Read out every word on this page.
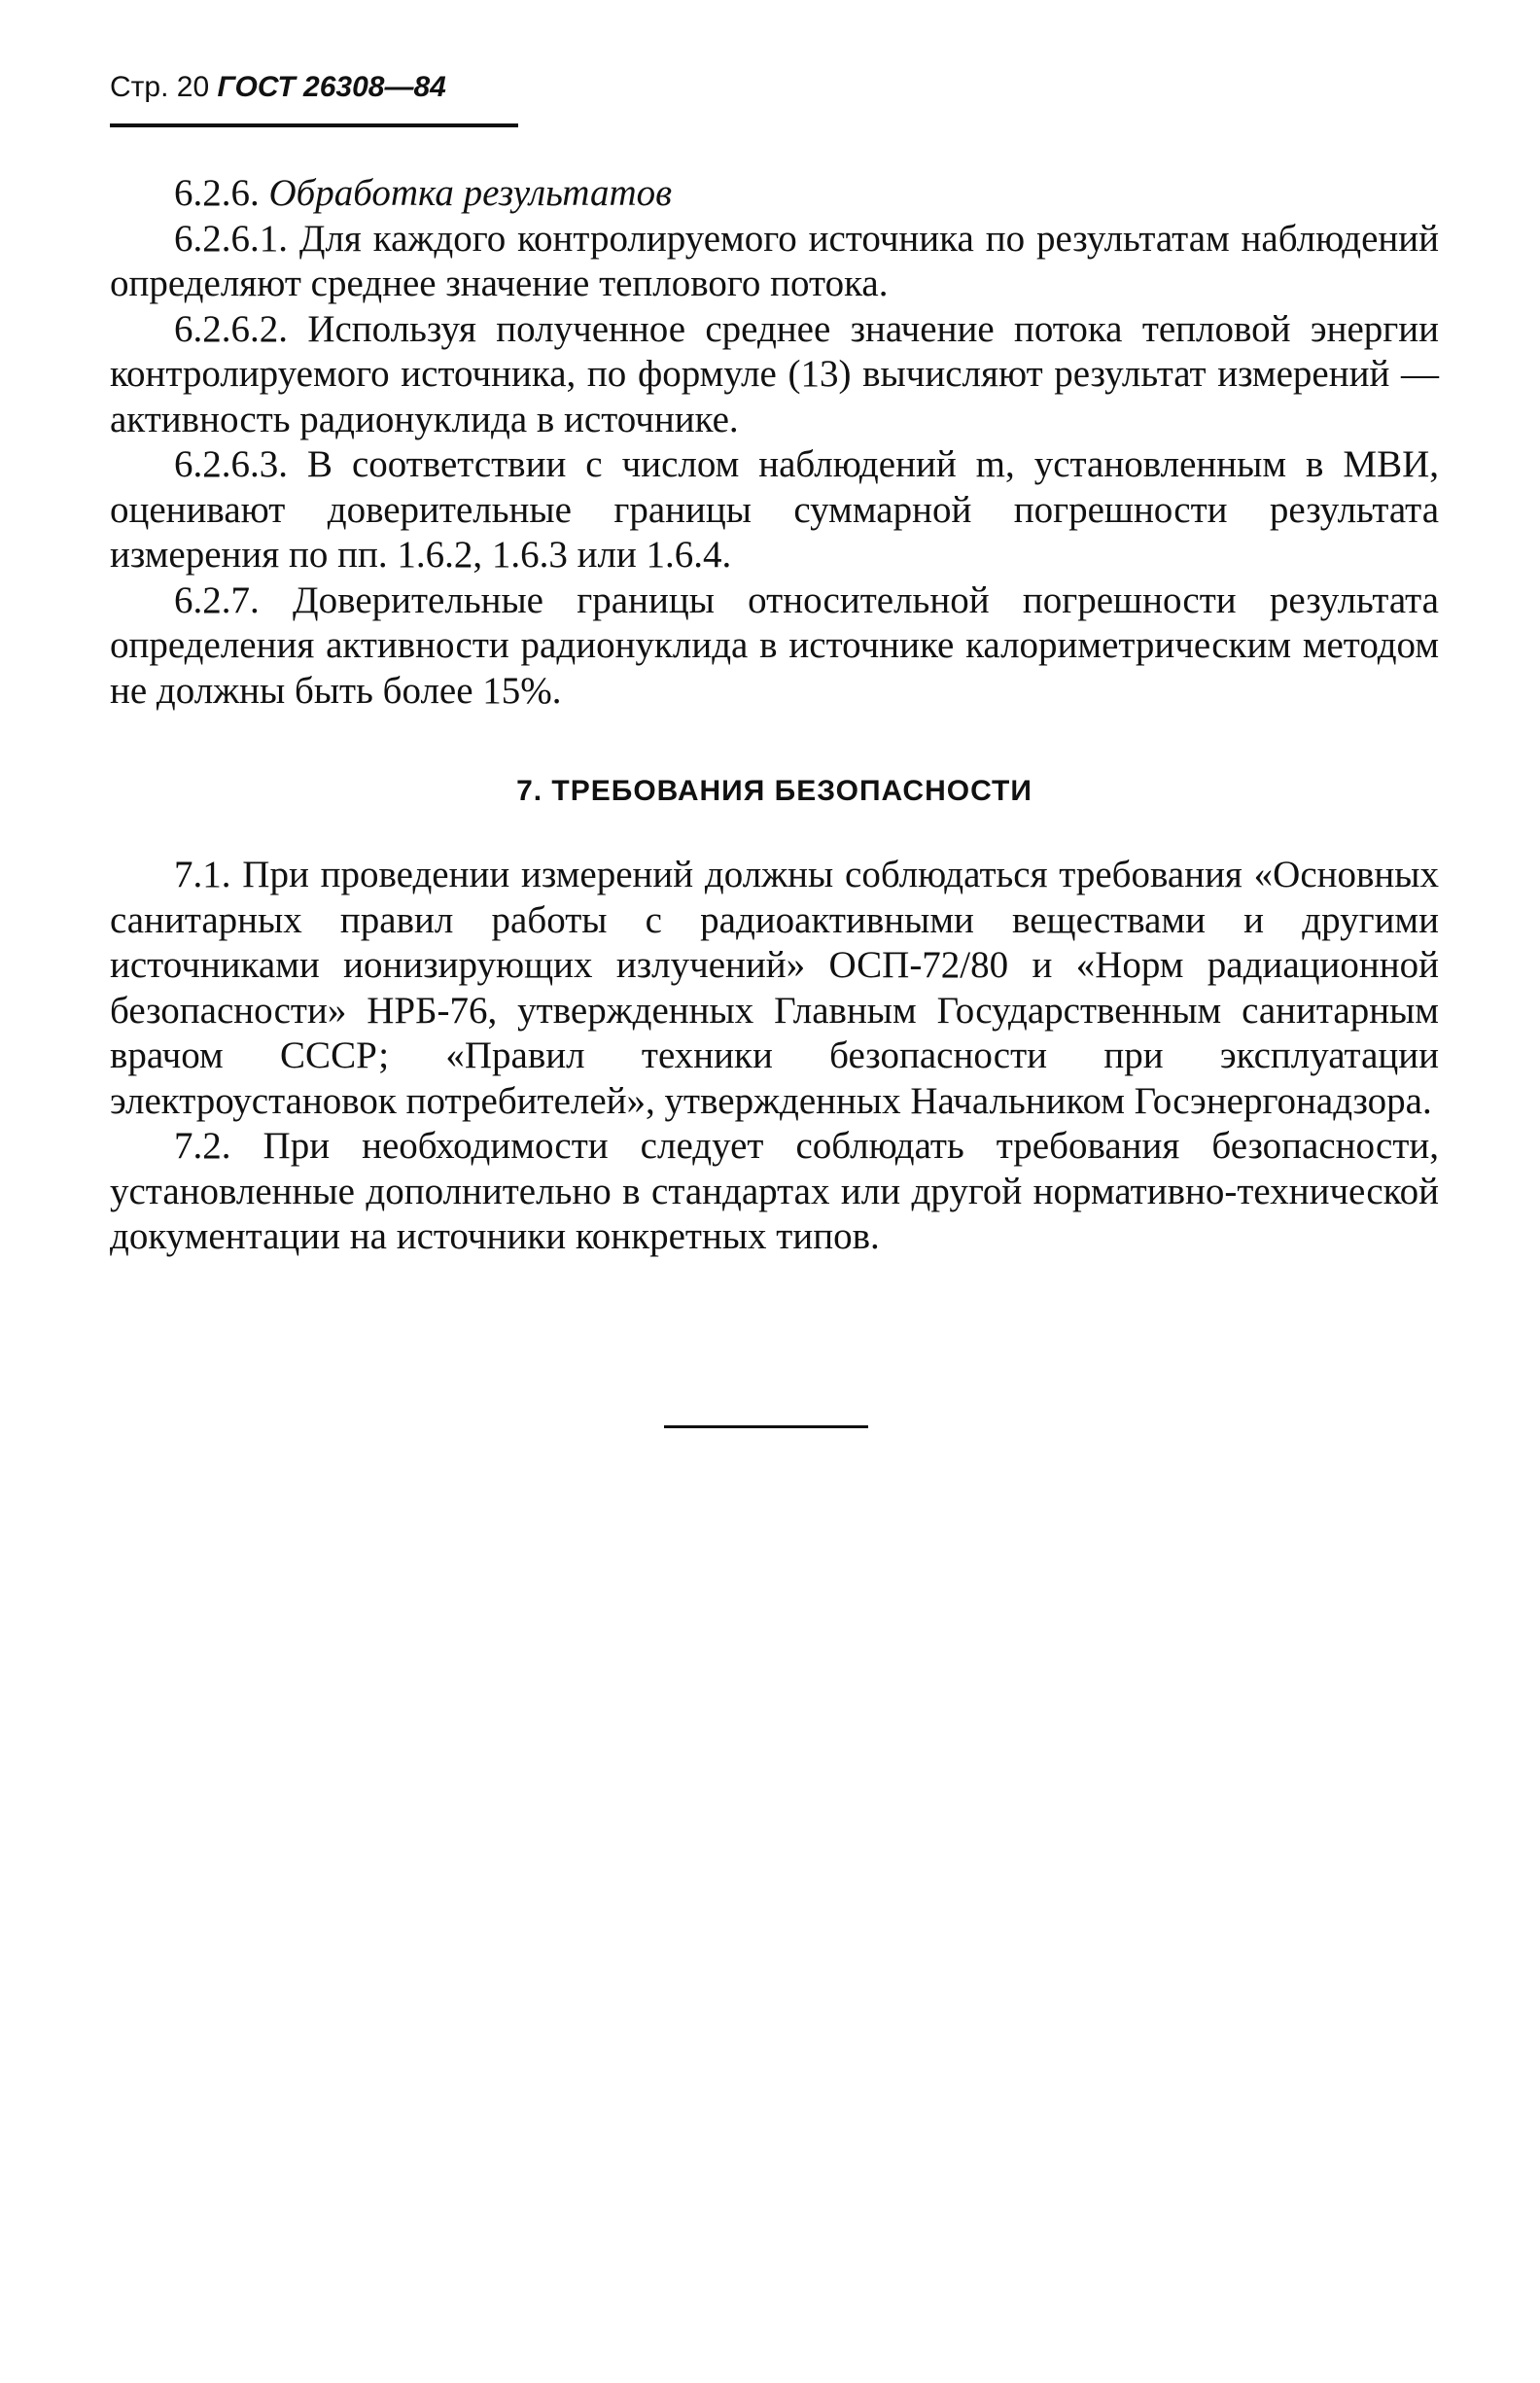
Стр. 20 ГОСТ 26308—84

6.2.6. Обработка результатов

6.2.6.1. Для каждого контролируемого источника по результатам наблюдений определяют среднее значение теплового потока.

6.2.6.2. Используя полученное среднее значение потока тепловой энергии контролируемого источника, по формуле (13) вычисляют результат измерений — активность радионуклида в источнике.

6.2.6.3. В соответствии с числом наблюдений m, установленным в МВИ, оценивают доверительные границы суммарной погрешности результата измерения по пп. 1.6.2, 1.6.3 или 1.6.4.

6.2.7. Доверительные границы относительной погрешности результата определения активности радионуклида в источнике калориметрическим методом не должны быть более 15%.

7. ТРЕБОВАНИЯ БЕЗОПАСНОСТИ

7.1. При проведении измерений должны соблюдаться требования «Основных санитарных правил работы с радиоактивными веществами и другими источниками ионизирующих излучений» ОСП-72/80 и «Норм радиационной безопасности» НРБ-76, утвержденных Главным Государственным санитарным врачом СССР; «Правил техники безопасности при эксплуатации электроустановок потребителей», утвержденных Начальником Госэнергонадзора.

7.2. При необходимости следует соблюдать требования безопасности, установленные дополнительно в стандартах или другой нормативно-технической документации на источники конкретных типов.
